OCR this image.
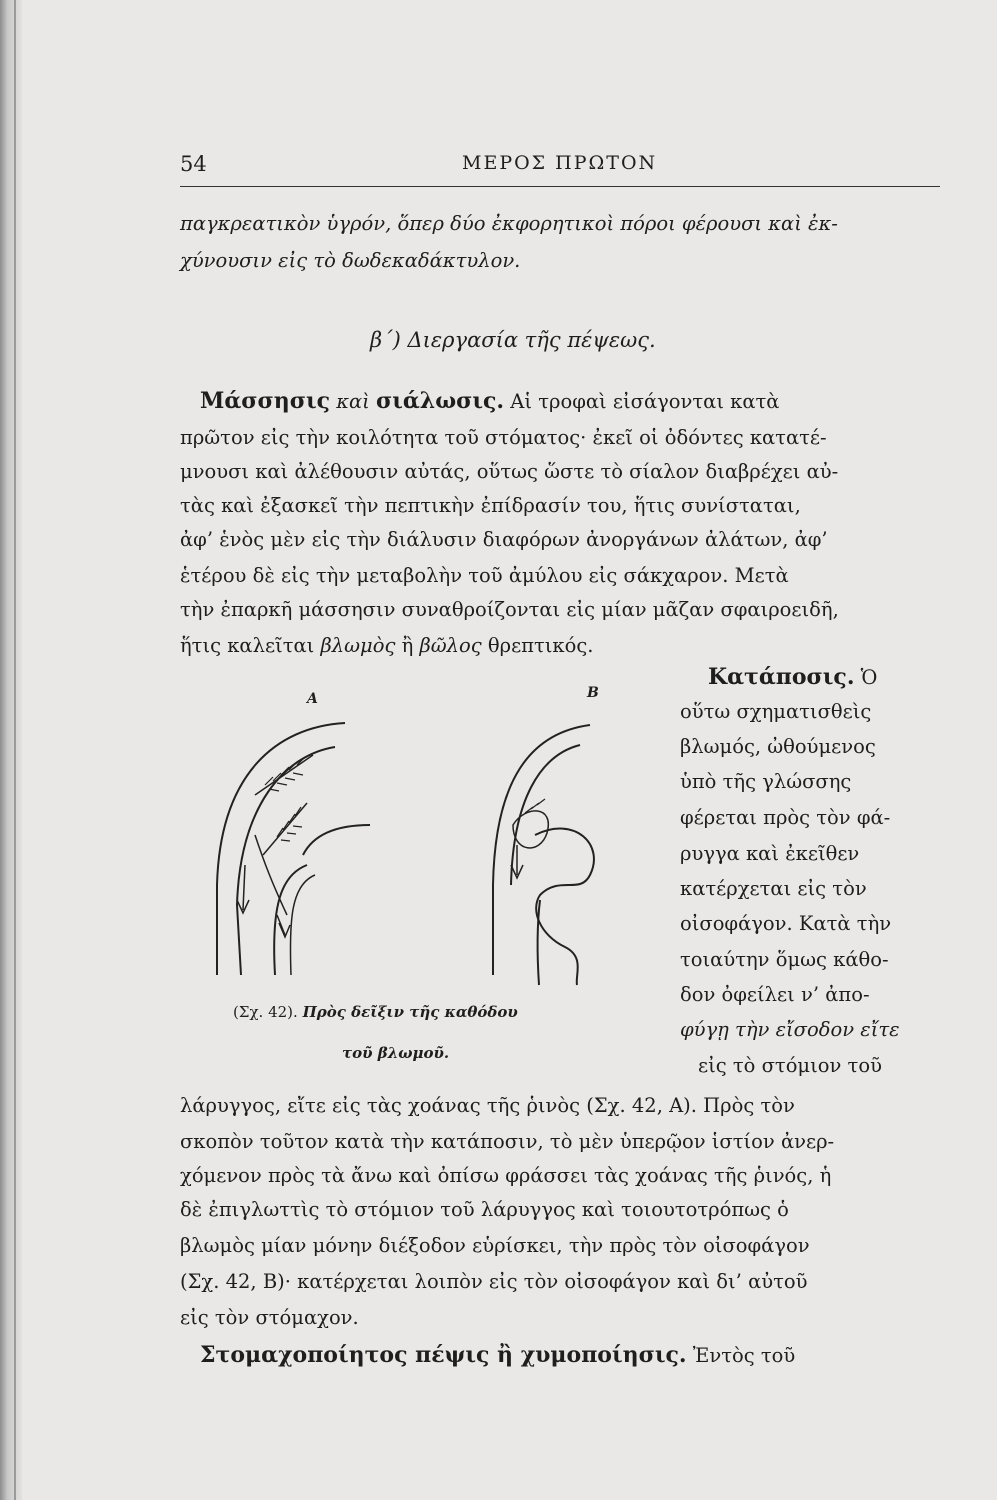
54	ΜΕΡΟΣ ΠΡΩΤΟΝ
παγκρεατικὸν ὑγρόν, ὅπερ δύο ἐκφορητικοὶ πόροι φέρουσι καὶ ἐκ-
χύνουσιν εἰς τὸ δωδεκαδάκτυλον.
β΄) Διεργασία τῆς πέψεως.
Μάσσησις καὶ σιάλωσις. Αἱ τροφαὶ εἰσάγονται κατὰ
πρῶτον εἰς τὴν κοιλότητα τοῦ στόματος· ἐκεῖ οἱ ὀδόντες κατατέ-
μνουσι καὶ ἀλέθουσιν αὐτάς, οὕτως ὥστε τὸ σίαλον διαβρέχει αὐ-
τὰς καὶ ἐξασκεῖ τὴν πεπτικὴν ἐπίδρασίν του, ἥτις συνίσταται,
ἀφ’ ἑνὸς μὲν εἰς τὴν διάλυσιν διαφόρων ἀνοργάνων ἀλάτων, ἀφ’
ἑτέρου δὲ εἰς τὴν μεταβολὴν τοῦ ἀμύλου εἰς σάκχαρον. Μετὰ
τὴν ἐπαρκῆ μάσσησιν συναθροίζονται εἰς μίαν μᾶζαν σφαιροειδῆ,
ἥτις καλεῖται βλωμὸς ἢ βῶλος θρεπτικός.
Κατάποσις. Ὁ
οὕτω σχηματισθεὶς
βλωμός, ὠθούμενος
ὑπὸ τῆς γλώσσης
φέρεται πρὸς τὸν φά-
ρυγγα καὶ ἐκεῖθεν
κατέρχεται εἰς τὸν
οἰσοφάγον. Κατὰ τὴν
τοιαύτην ὅμως κάθο-
δον ὀφείλει ν’ ἀπο-
φύγῃ τὴν εἴσοδον εἴτε
εἰς τὸ στόμιον τοῦ
Α	Β
(Σχ. 42). Πρὸς δεῖξιν τῆς καθόδου
τοῦ βλωμοῦ.
λάρυγγος, εἴτε εἰς τὰς χοάνας τῆς ῥινὸς (Σχ. 42, Α). Πρὸς τὸν
σκοπὸν τοῦτον κατὰ τὴν κατάποσιν, τὸ μὲν ὑπερῷον ἱστίον ἀνερ-
χόμενον πρὸς τὰ ἄνω καὶ ὀπίσω φράσσει τὰς χοάνας τῆς ῥινός, ἡ
δὲ ἐπιγλωττὶς τὸ στόμιον τοῦ λάρυγγος καὶ τοιουτοτρόπως ὁ
βλωμὸς μίαν μόνην διέξοδον εὑρίσκει, τὴν πρὸς τὸν οἰσοφάγον
(Σχ. 42, Β)· κατέρχεται λοιπὸν εἰς τὸν οἰσοφάγον καὶ δι’ αὐτοῦ
εἰς τὸν στόμαχον.
Στομαχοποίητος πέψις ἢ χυμοποίησις. Ἐντὸς τοῦ
